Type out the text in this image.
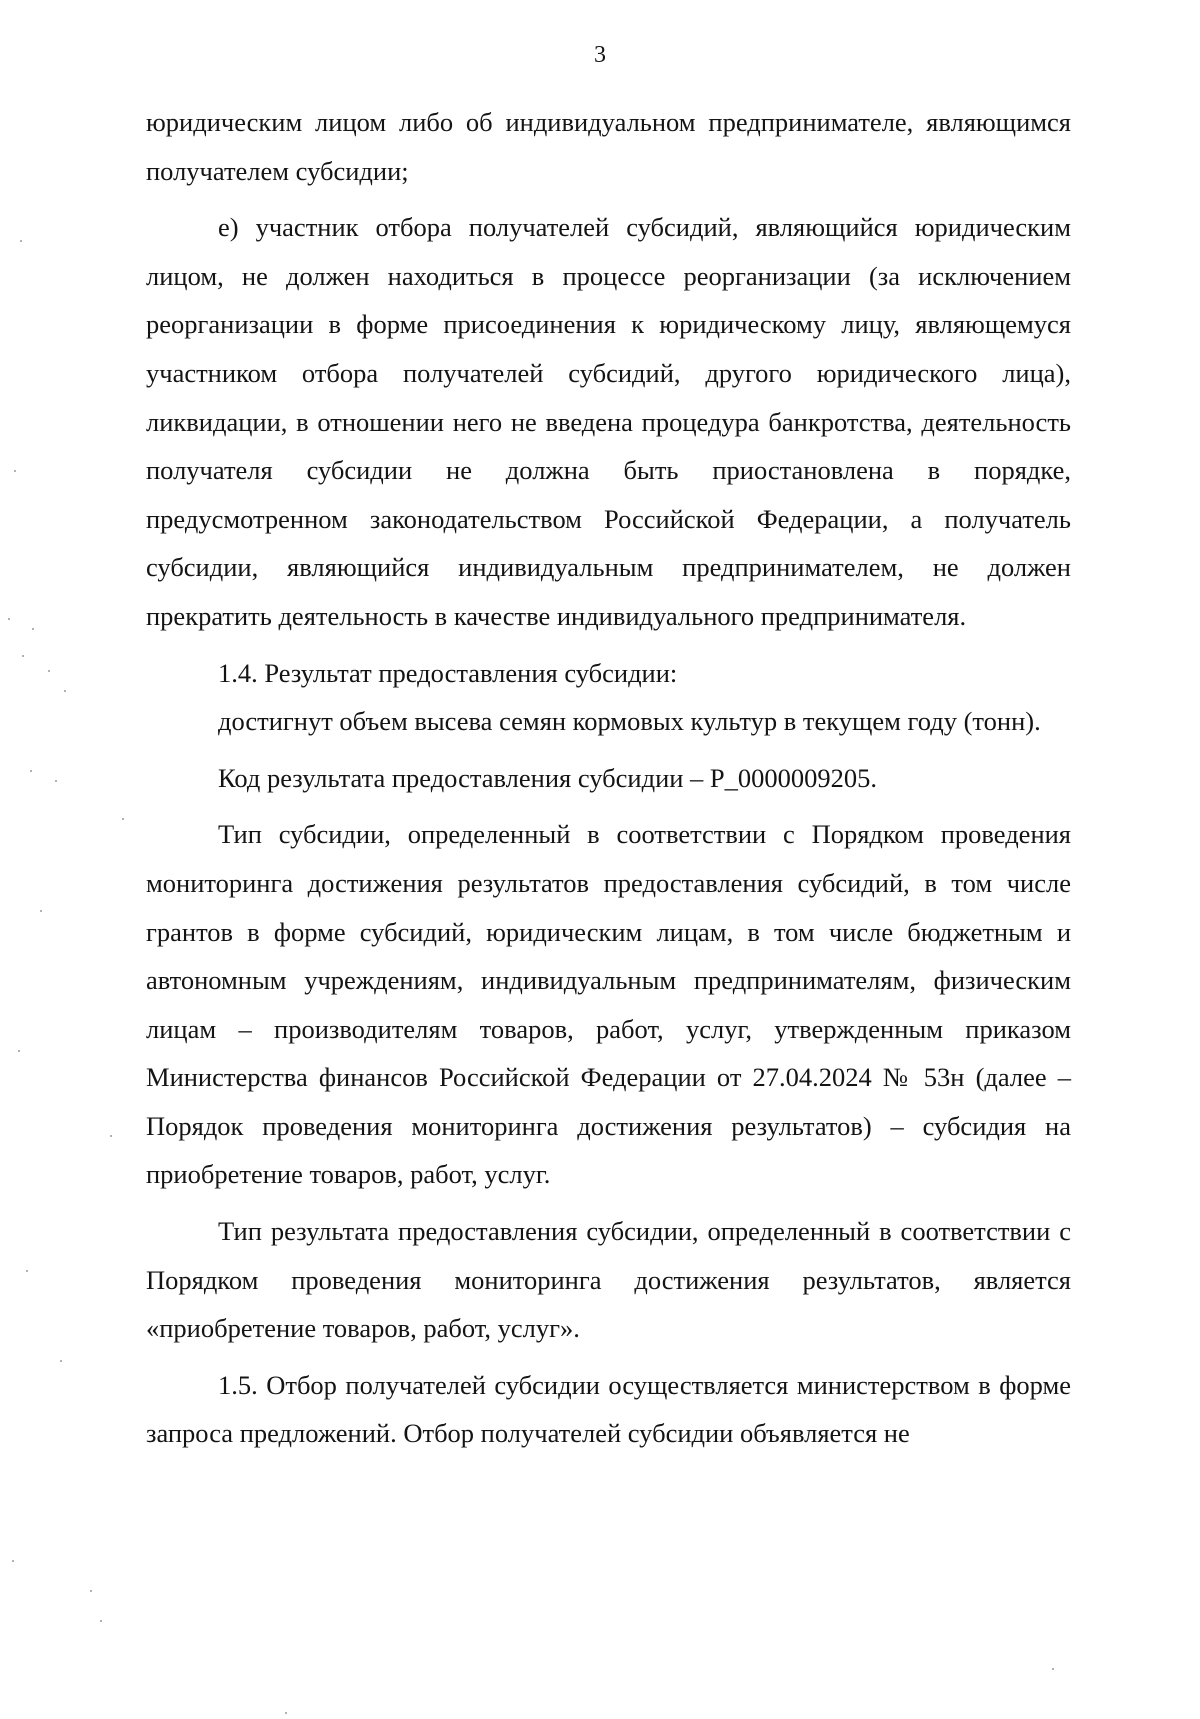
3

юридическим лицом либо об индивидуальном предпринимателе, являющимся получателем субсидии;

е) участник отбора получателей субсидий, являющийся юридическим лицом, не должен находиться в процессе реорганизации (за исключением реорганизации в форме присоединения к юридическому лицу, являющемуся участником отбора получателей субсидий, другого юридического лица), ликвидации, в отношении него не введена процедура банкротства, деятельность получателя субсидии не должна быть приостановлена в порядке, предусмотренном законодательством Российской Федерации, а получатель субсидии, являющийся индивидуальным предпринимателем, не должен прекратить деятельность в качестве индивидуального предпринимателя.

1.4. Результат предоставления субсидии:

достигнут объем высева семян кормовых культур в текущем году (тонн).

Код результата предоставления субсидии – P_0000009205.

Тип субсидии, определенный в соответствии с Порядком проведения мониторинга достижения результатов предоставления субсидий, в том числе грантов в форме субсидий, юридическим лицам, в том числе бюджетным и автономным учреждениям, индивидуальным предпринимателям, физическим лицам – производителям товаров, работ, услуг, утвержденным приказом Министерства финансов Российской Федерации от 27.04.2024 № 53н (далее – Порядок проведения мониторинга достижения результатов) – субсидия на приобретение товаров, работ, услуг.

Тип результата предоставления субсидии, определенный в соответствии с Порядком проведения мониторинга достижения результатов, является «приобретение товаров, работ, услуг».

1.5. Отбор получателей субсидии осуществляется министерством в форме запроса предложений. Отбор получателей субсидии объявляется не
